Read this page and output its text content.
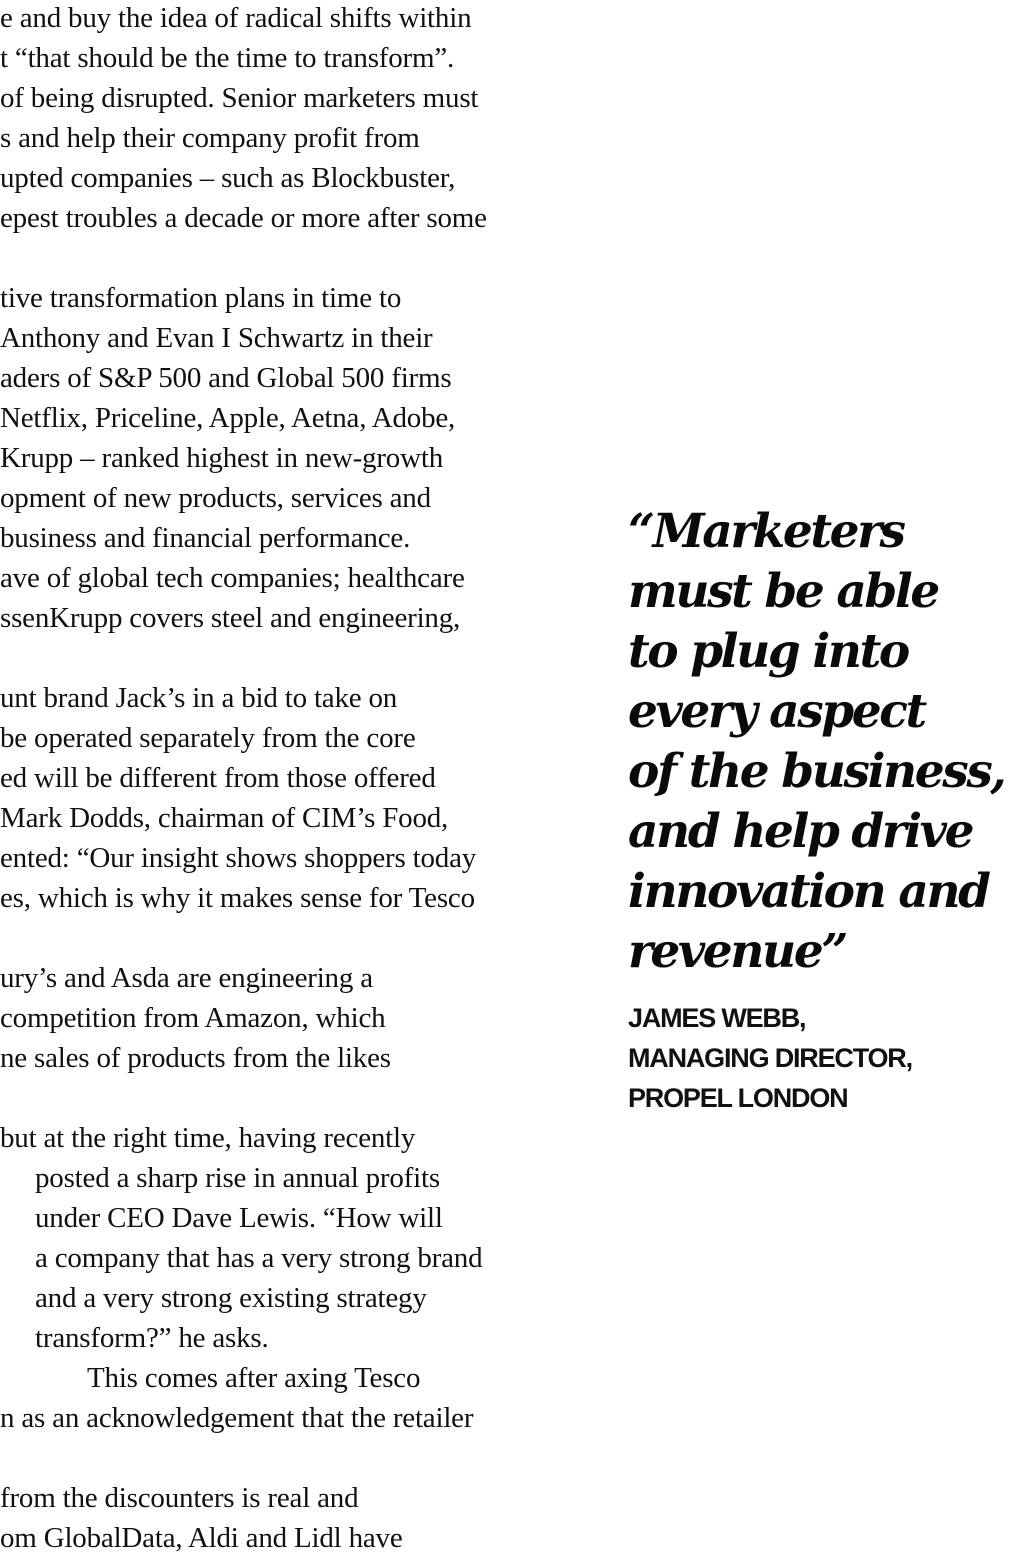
e and buy the idea of radical shifts within
t “that should be the time to transform”.
of being disrupted. Senior marketers must
s and help their company profit from
upted companies – such as Blockbuster,
epest troubles a decade or more after some
tive transformation plans in time to
Anthony and Evan I Schwartz in their
aders of S&P 500 and Global 500 firms
Netflix, Priceline, Apple, Aetna, Adobe,
Krupp – ranked highest in new-growth
opment of new products, services and
business and financial performance.
ave of global tech companies; healthcare
ssenKrupp covers steel and engineering,
unt brand Jack’s in a bid to take on
be operated separately from the core
ed will be different from those offered
Mark Dodds, chairman of CIM’s Food,
ented: “Our insight shows shoppers today
es, which is why it makes sense for Tesco
ury’s and Asda are engineering a
competition from Amazon, which
ne sales of products from the likes
but at the right time, having recently
posted a sharp rise in annual profits
under CEO Dave Lewis. “How will
a company that has a very strong brand
and a very strong existing strategy
transform?” he asks.
This comes after axing Tesco
n as an acknowledgement that the retailer
from the discounters is real and
om GlobalData, Aldi and Lidl have
“Marketers
must be able
to plug into
every aspect
of the business,
and help drive
innovation and
revenue”
JAMES WEBB,
MANAGING DIRECTOR,
PROPEL LONDON
